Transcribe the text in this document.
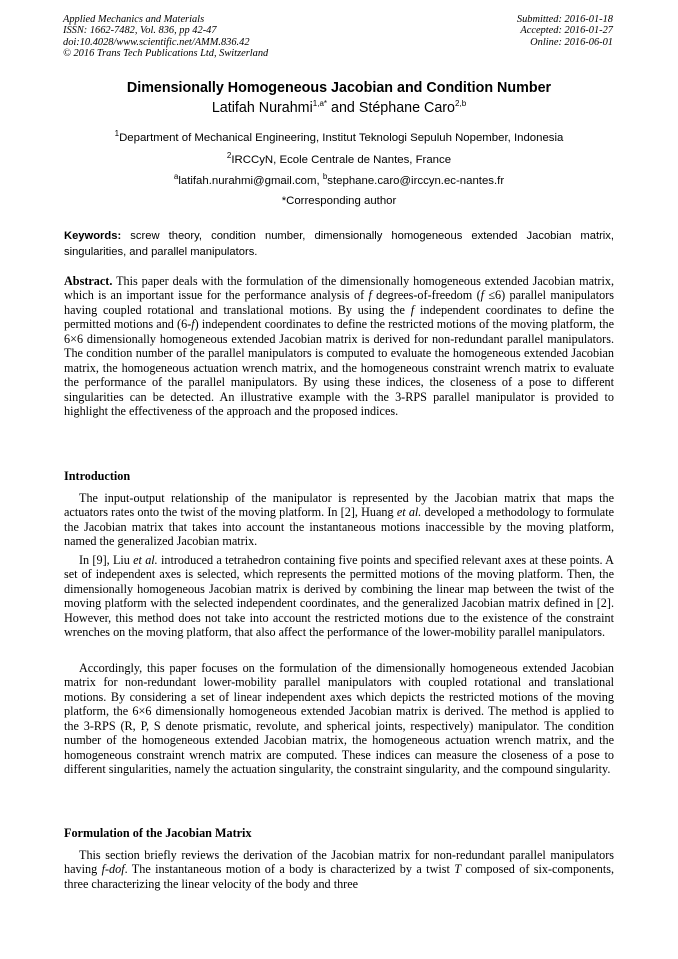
Applied Mechanics and Materials
ISSN: 1662-7482, Vol. 836, pp 42-47
doi:10.4028/www.scientific.net/AMM.836.42
© 2016 Trans Tech Publications Ltd, Switzerland
Submitted: 2016-01-18
Accepted: 2016-01-27
Online: 2016-06-01
Dimensionally Homogeneous Jacobian and Condition Number
Latifah Nurahmi$^{1,a*}$ and Stéphane Caro$^{2,b}$
$^1$Department of Mechanical Engineering, Institut Teknologi Sepuluh Nopember, Indonesia
$^2$IRCCyN, Ecole Centrale de Nantes, France
$^a$latifah.nurahmi@gmail.com, $^b$stephane.caro@irccyn.ec-nantes.fr
*Corresponding author
Keywords: screw theory, condition number, dimensionally homogeneous extended Jacobian matrix, singularities, and parallel manipulators.
Abstract. This paper deals with the formulation of the dimensionally homogeneous extended Jacobian matrix, which is an important issue for the performance analysis of f degrees-of-freedom (f ≤6) parallel manipulators having coupled rotational and translational motions. By using the f independent coordinates to define the permitted motions and (6-f) independent coordinates to define the restricted motions of the moving platform, the 6×6 dimensionally homogeneous extended Jacobian matrix is derived for non-redundant parallel manipulators. The condition number of the parallel manipulators is computed to evaluate the homogeneous extended Jacobian matrix, the homogeneous actuation wrench matrix, and the homogeneous constraint wrench matrix to evaluate the performance of the parallel manipulators. By using these indices, the closeness of a pose to different singularities can be detected. An illustrative example with the 3-RPS parallel manipulator is provided to highlight the effectiveness of the approach and the proposed indices.
Introduction
The input-output relationship of the manipulator is represented by the Jacobian matrix that maps the actuators rates onto the twist of the moving platform. In [2], Huang et al. developed a methodology to formulate the Jacobian matrix that takes into account the instantaneous motions inaccessible by the moving platform, named the generalized Jacobian matrix.
In [9], Liu et al. introduced a tetrahedron containing five points and specified relevant axes at these points. A set of independent axes is selected, which represents the permitted motions of the moving platform. Then, the dimensionally homogeneous Jacobian matrix is derived by combining the linear map between the twist of the moving platform with the selected independent coordinates, and the generalized Jacobian matrix defined in [2]. However, this method does not take into account the restricted motions due to the existence of the constraint wrenches on the moving platform, that also affect the performance of the lower-mobility parallel manipulators.
Accordingly, this paper focuses on the formulation of the dimensionally homogeneous extended Jacobian matrix for non-redundant lower-mobility parallel manipulators with coupled rotational and translational motions. By considering a set of linear independent axes which depicts the restricted motions of the moving platform, the 6×6 dimensionally homogeneous extended Jacobian matrix is derived. The method is applied to the 3-RPS (R, P, S denote prismatic, revolute, and spherical joints, respectively) manipulator. The condition number of the homogeneous extended Jacobian matrix, the homogeneous actuation wrench matrix, and the homogeneous constraint wrench matrix are computed. These indices can measure the closeness of a pose to different singularities, namely the actuation singularity, the constraint singularity, and the compound singularity.
Formulation of the Jacobian Matrix
This section briefly reviews the derivation of the Jacobian matrix for non-redundant parallel manipulators having f-dof. The instantaneous motion of a body is characterized by a twist T composed of six-components, three characterizing the linear velocity of the body and three
